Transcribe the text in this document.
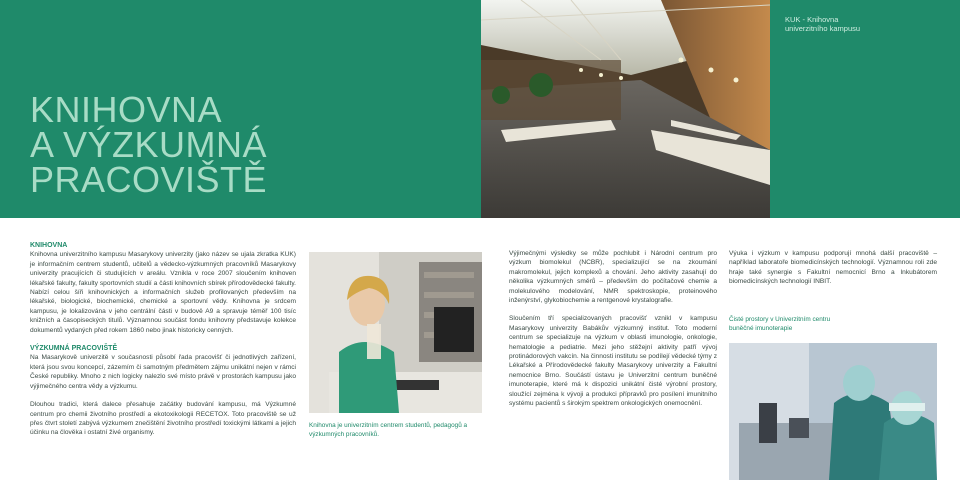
KUK - Knihovna
univerzitního kampusu
KNIHOVNA
A VÝZKUMNÁ
PRACOVIŠTĚ
KNIHOVNA

Knihovna univerzitního kampusu Masarykovy univerzity (jako název se ujala zkratka KUK) je informačním centrem studentů, učitelů a vědecko-výzkumných pracovníků Masarykovy univerzity pracujících či studujících v areálu. Vznikla v roce 2007 sloučením knihoven lékařské fakulty, fakulty sportovních studií a části knihovních sbírek přírodovědecké fakulty. Nabízí celou šíři knihovnických a informačních služeb profilovaných především na lékařské, biologické, biochemické, chemické a sportovní vědy. Knihovna je srdcem kampusu, je lokalizována v jeho centrální části v budově A9 a spravuje téměř 100 tisíc knižních a časopiseckých titulů. Významnou součást fondu knihovny představuje kolekce dokumentů vydaných před rokem 1860 nebo jinak historicky cenných.

VÝZKUMNÁ PRACOVIŠTĚ

Na Masarykově univerzitě v současnosti působí řada pracovišť či jednotlivých zařízení, která jsou svou koncepcí, zázemím či samotným předmětem zájmu unikátní nejen v rámci České republiky. Mnoho z nich logicky nalezlo své místo právě v prostorách kampusu jako výjimečného centra vědy a výzkumu.

Dlouhou tradici, která dalece přesahuje začátky budování kampusu, má Výzkumné centrum pro chemii životního prostředí a ekotoxikologii RECETOX. Toto pracoviště se už přes čtvrt století zabývá výzkumem znečištění životního prostředí toxickými látkami a jejich účinku na člověka i ostatní živé organismy.

Knihovna je univerzitním centrem studentů, pedagogů a výzkumných pracovníků.

Výjimečnými výsledky se může pochlubit i Národní centrum pro výzkum biomolekul (NCBR), specializující se na zkoumání makromolekul, jejich komplexů a chování. Jeho aktivity zasahují do několika výzkumných směrů – především do počítačové chemie a molekulového modelování, NMR spektroskopie, proteinového inženýrství, glykobiochemie a rentgenové krystalografie.

Sloučením tří specializovaných pracovišť vznikl v kampusu Masarykovy univerzity Babákův výzkumný institut. Toto moderní centrum se specializuje na výzkum v oblasti imunologie, onkologie, hematologie a pediatrie. Mezi jeho stěžejní aktivity patří vývoj protinádorových vakcín. Na činnosti institutu se podílejí vědecké týmy z Lékařské a Přírodovědecké fakulty Masarykovy univerzity a Fakultní nemocnice Brno. Součástí ústavu je Univerzitní centrum buněčné imunoterapie, které má k dispozici unikátní čisté výrobní prostory, sloužící zejména k vývoji a produkci přípravků pro posílení imunitního systému pacientů s širokým spektrem onkologických onemocnění.

Výuka i výzkum v kampusu podporují mnohá další pracoviště – například laboratoře biomedicínských technologií. Významnou roli zde hraje také synergie s Fakultní nemocnicí Brno a Inkubátorem biomedicínských technologií INBIT.

Čisté prostory v Univerzitním centru buněčné imunoterapie
